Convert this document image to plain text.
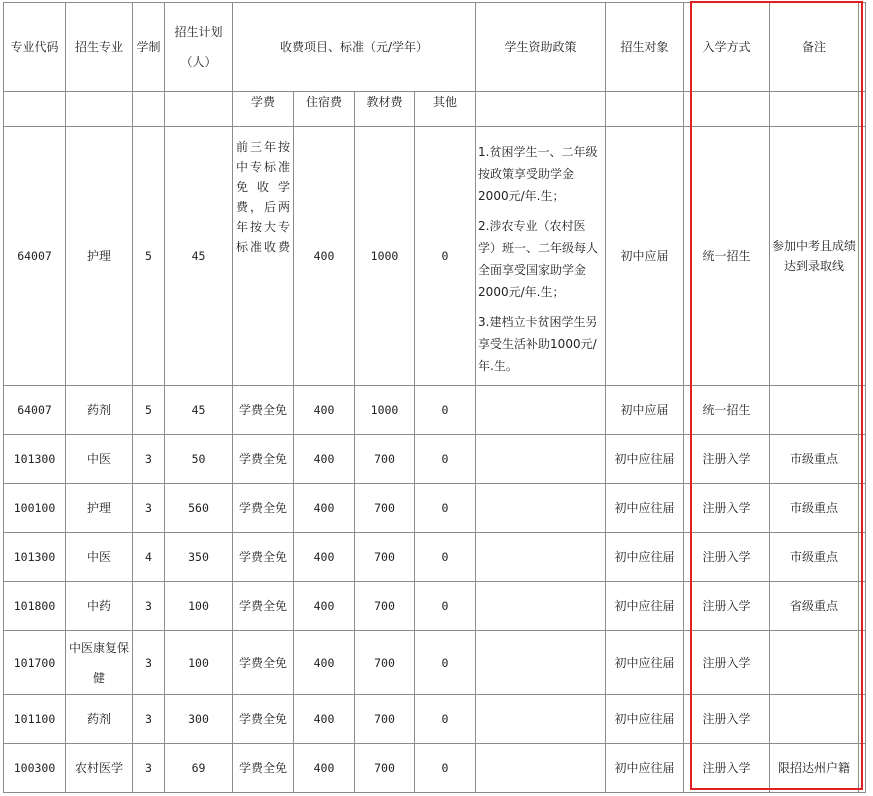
专业代码	招生专业	学制	招生计划（人）	收费项目、标准（元/学年）				学生资助政策	招生对象	入学方式	备注	
				学费	住宿费	教材费	其他					
64007	护理	5	45	前三年按中专标准免收学费，后两年按大专标准收费	400	1000	0	1.贫困学生一、二年级按政策享受助学金2000元/年.生；

2.涉农专业（农村医学）班一、二年级每人全面享受国家助学金2000元/年.生；

3.建档立卡贫困学生另享受生活补助1000元/年.生。	初中应届	统一招生	参加中考且成绩达到录取线	
64007	药剂	5	45	学费全免	400	1000	0		初中应届	统一招生		
101300	中医	3	50	学费全免	400	700	0		初中应往届	注册入学	市级重点	
100100	护理	3	560	学费全免	400	700	0		初中应往届	注册入学	市级重点	
101300	中医	4	350	学费全免	400	700	0		初中应往届	注册入学	市级重点	
101800	中药	3	100	学费全免	400	700	0		初中应往届	注册入学	省级重点	
101700	中医康复保健	3	100	学费全免	400	700	0		初中应往届	注册入学		
101100	药剂	3	300	学费全免	400	700	0		初中应往届	注册入学		
100300	农村医学	3	69	学费全免	400	700	0		初中应往届	注册入学	限招达州户籍	
